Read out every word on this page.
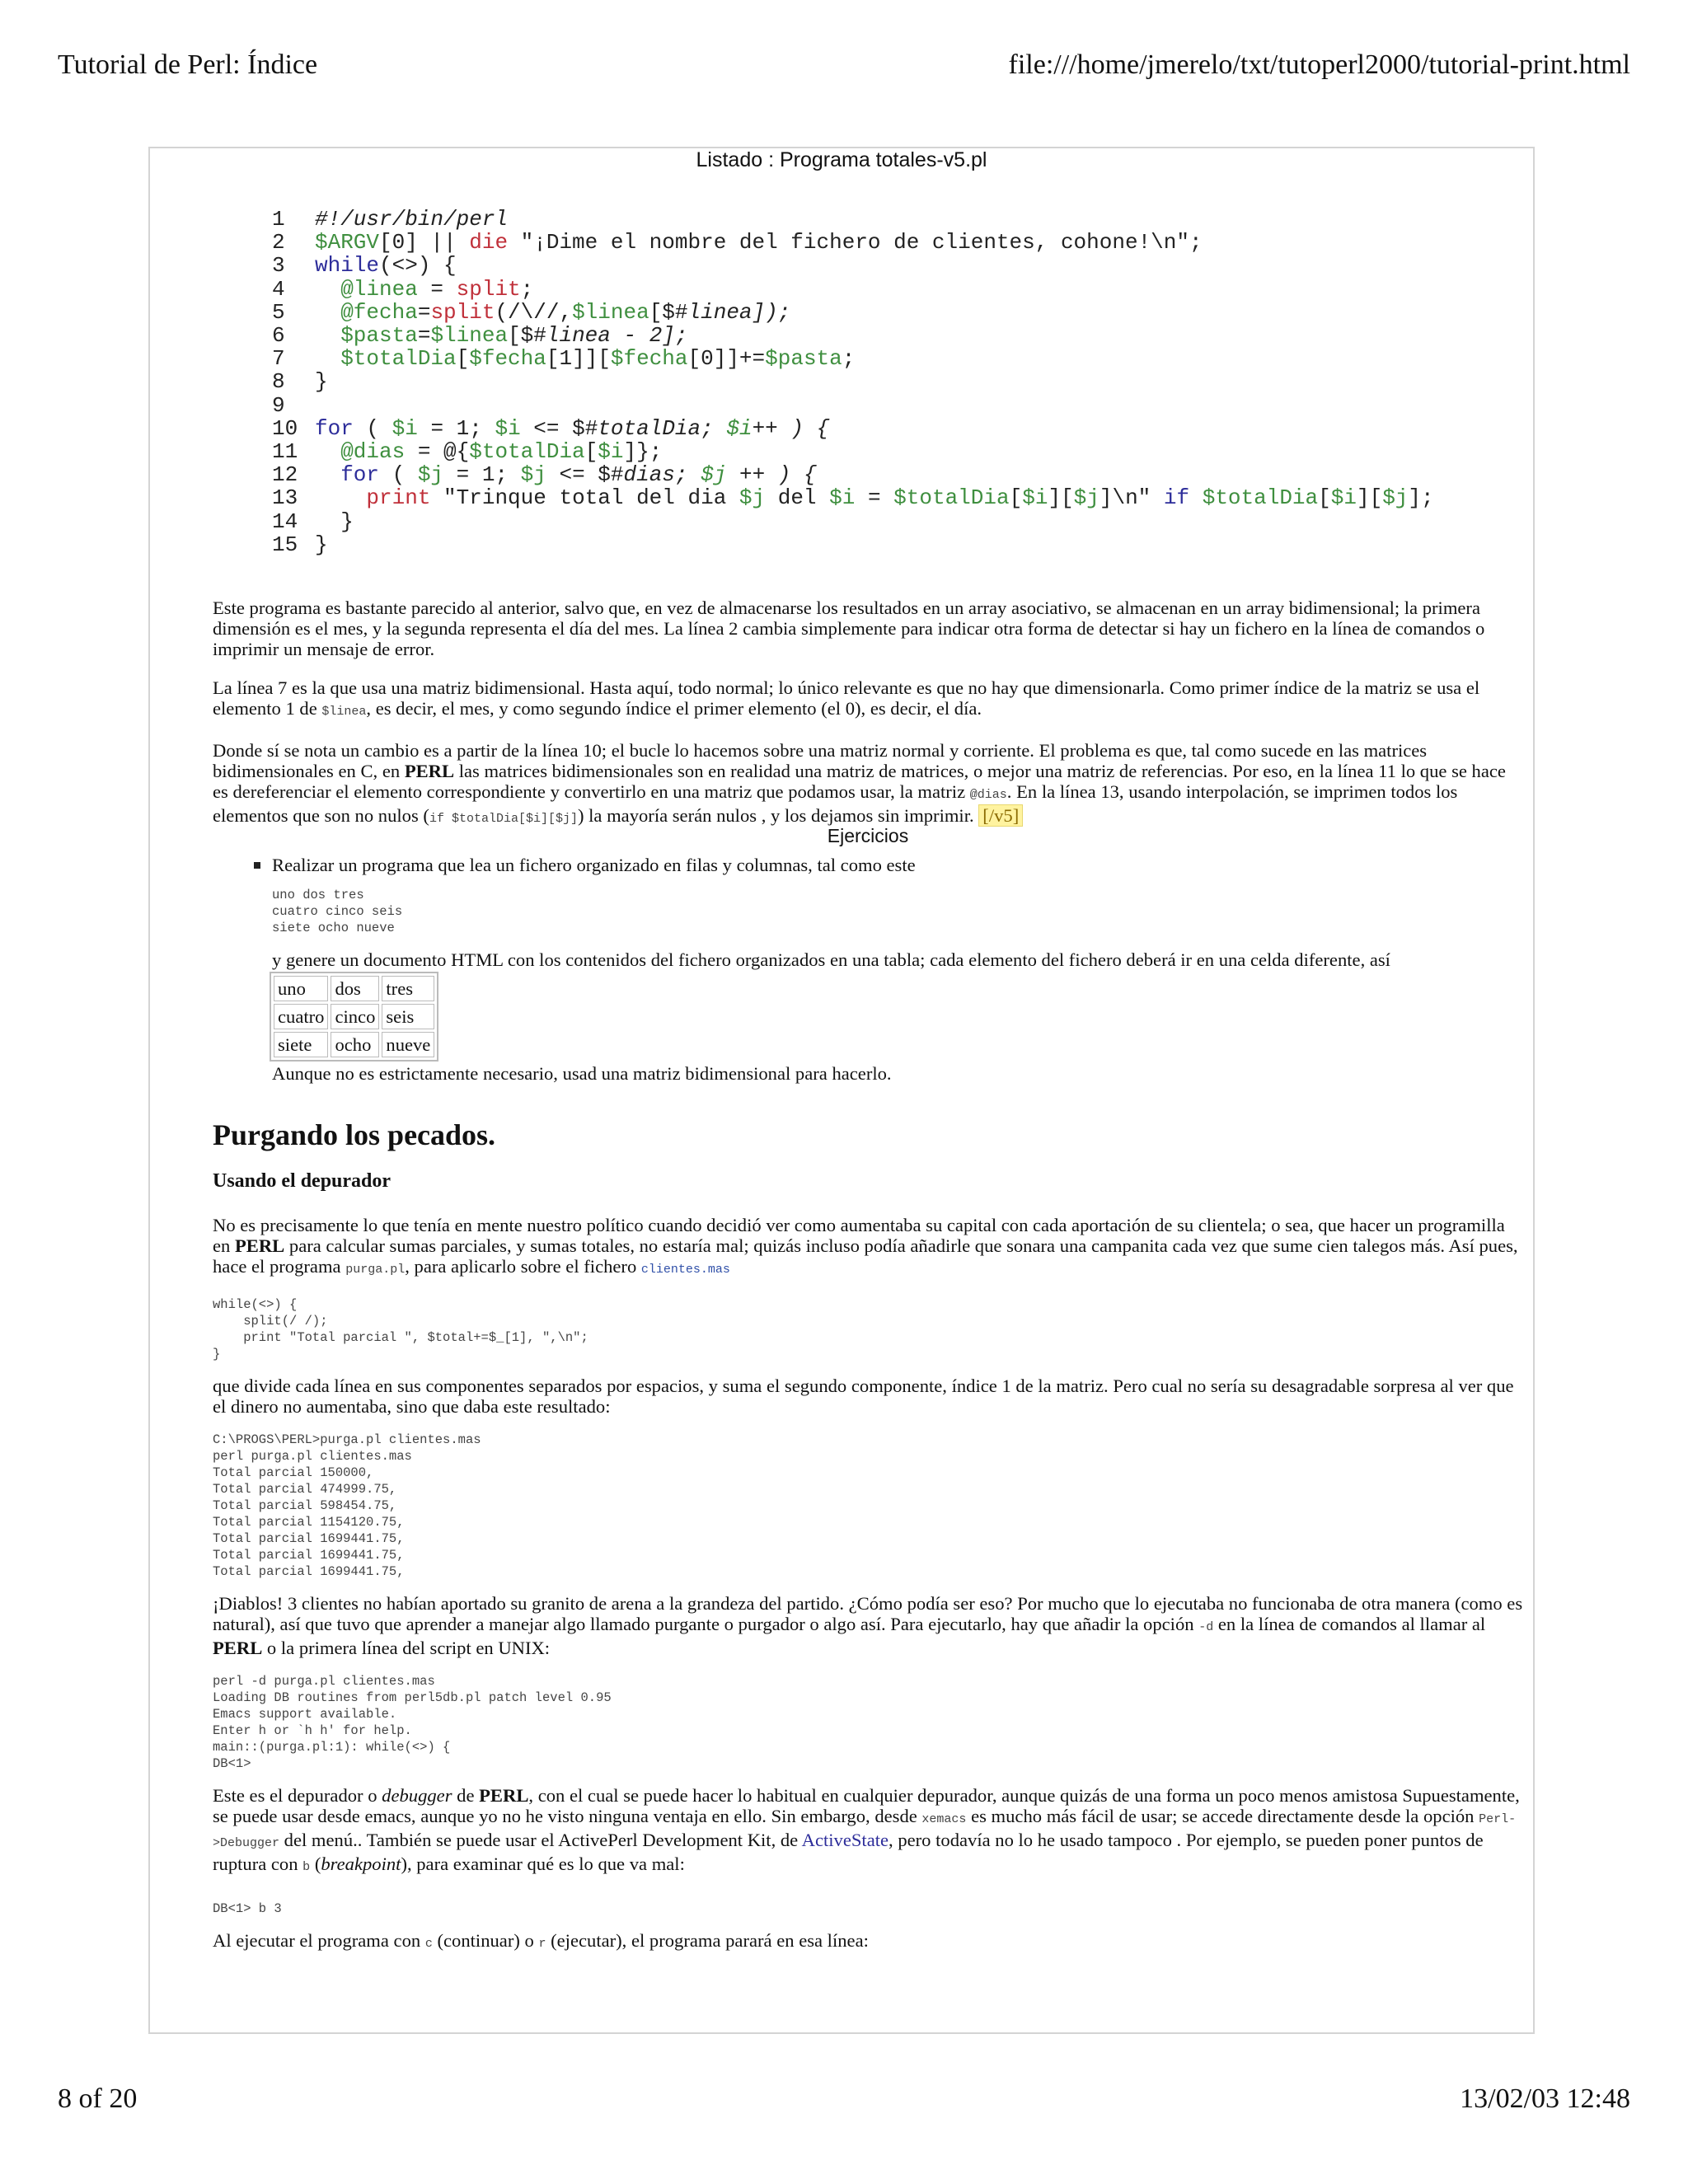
Tutorial de Perl: Índice	file:///home/jmerelo/txt/tutoperl2000/tutorial-print.html
Listado : Programa totales-v5.pl
1 #!/usr/bin/perl
2 $ARGV[0] || die "¡Dime el nombre del fichero de clientes, cohone!\n";
3 while(<>) {
4  @linea = split;
5  @fecha=split(/\//,$linea[$#linea]);
6  $pasta=$linea[$#linea - 2];
7  $totalDia[$fecha[1]][$fecha[0]]+=$pasta;
8 }
9
10 for ( $i = 1; $i <= $#totalDia; $i++ ) {
11  @dias = @{$totalDia[$i]};
12  for ( $j = 1; $j <= $#dias; $j ++ ) {
13    print "Trinque total del dia $j del $i = $totalDia[$i][$j]\n" if $totalDia[$i][$j];
14  }
15 }

Este programa es bastante parecido al anterior, salvo que, en vez de almacenarse los resultados en un array asociativo, se almacenan en un array bidimensional; la primera dimensión es el mes, y la segunda representa el día del mes. La línea 2 cambia simplemente para indicar otra forma de detectar si hay un fichero en la línea de comandos o imprimir un mensaje de error.

La línea 7 es la que usa una matriz bidimensional. Hasta aquí, todo normal; lo único relevante es que no hay que dimensionarla. Como primer índice de la matriz se usa el elemento 1 de $linea, es decir, el mes, y como segundo índice el primer elemento (el 0), es decir, el día.

Donde sí se nota un cambio es a partir de la línea 10; el bucle lo hacemos sobre una matriz normal y corriente. El problema es que, tal como sucede en las matrices bidimensionales en C, en PERL las matrices bidimensionales son en realidad una matriz de matrices, o mejor una matriz de referencias. Por eso, en la línea 11 lo que se hace es dereferenciar el elemento correspondiente y convertirlo en una matriz que podamos usar, la matriz @dias. En la línea 13, usando interpolación, se imprimen todos los elementos que son no nulos (if $totalDia[$i][$j]) la mayoría serán nulos , y los dejamos sin imprimir. [/v5]

Ejercicios
Realizar un programa que lea un fichero organizado en filas y columnas, tal como este
uno dos tres
cuatro cinco seis
siete ocho nueve
y genere un documento HTML con los contenidos del fichero organizados en una tabla; cada elemento del fichero deberá ir en una celda diferente, así
uno	dos	tres
cuatro	cinco	seis
siete	ocho	nueve
Aunque no es estrictamente necesario, usad una matriz bidimensional para hacerlo.
Purgando los pecados.
Usando el depurador

No es precisamente lo que tenía en mente nuestro político cuando decidió ver como aumentaba su capital con cada aportación de su clientela; o sea, que hacer un programilla en PERL para calcular sumas parciales, y sumas totales, no estaría mal; quizás incluso podía añadirle que sonara una campanita cada vez que sume cien talegos más. Así pues, hace el programa purga.pl, para aplicarlo sobre el fichero clientes.mas

while(<>) {
split(/ /);
print "Total parcial ", $total+=$_[1], ",\n";
}

que divide cada línea en sus componentes separados por espacios, y suma el segundo componente, índice 1 de la matriz. Pero cual no sería su desagradable sorpresa al ver que el dinero no aumentaba, sino que daba este resultado:

C:\PROGS\PERL>purga.pl clientes.mas
perl purga.pl clientes.mas
Total parcial 150000,
Total parcial 474999.75,
Total parcial 598454.75,
Total parcial 1154120.75,
Total parcial 1699441.75,
Total parcial 1699441.75,
Total parcial 1699441.75,

¡Diablos! 3 clientes no habían aportado su granito de arena a la grandeza del partido. ¿Cómo podía ser eso? Por mucho que lo ejecutaba no funcionaba de otra manera (como es natural), así que tuvo que aprender a manejar algo llamado purgante o purgador o algo así. Para ejecutarlo, hay que añadir la opción -d en la línea de comandos al llamar al PERL o la primera línea del script en UNIX:

perl -d purga.pl clientes.mas
Loading DB routines from perl5db.pl patch level 0.95
Emacs support available.
Enter h or `h h' for help.
main::(purga.pl:1): while(<>) {
DB<1>

Este es el depurador o debugger de PERL, con el cual se puede hacer lo habitual en cualquier depurador, aunque quizás de una forma un poco menos amistosa Supuestamente, se puede usar desde emacs, aunque yo no he visto ninguna ventaja en ello. Sin embargo, desde xemacs es mucho más fácil de usar; se accede directamente desde la opción Perl->Debugger del menú.. También se puede usar el ActivePerl Development Kit, de ActiveState, pero todavía no lo he usado tampoco . Por ejemplo, se pueden poner puntos de ruptura con b (breakpoint), para examinar qué es lo que va mal:

DB<1> b 3

Al ejecutar el programa con c (continuar) o r (ejecutar), el programa parará en esa línea:

8 of 20	13/02/03 12:48
